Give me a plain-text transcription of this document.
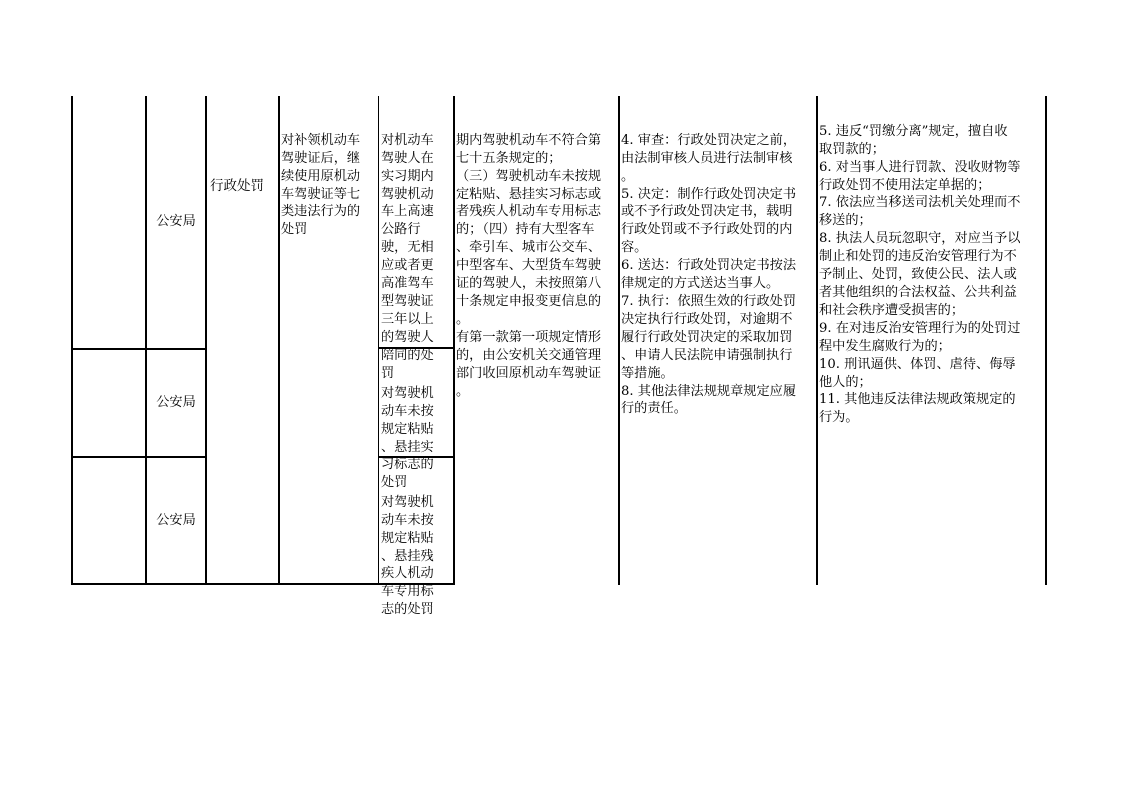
公安局
公安局
公安局

行政处罚

对补领机动车
驾驶证后，继
续使用原机动
车驾驶证等七
类违法行为的
处罚

对机动车
驾驶人在
实习期内
驾驶机动
车上高速
公路行
驶，无相
应或者更
高准驾车
型驾驶证
三年以上
的驾驶人
陪同的处
罚

对驾驶机
动车未按
规定粘贴
、悬挂实
习标志的
处罚

对驾驶机
动车未按
规定粘贴
、悬挂残
疾人机动
车专用标
志的处罚

期内驾驶机动车不符合第
七十五条规定的；
（三）驾驶机动车未按规
定粘贴、悬挂实习标志或
者残疾人机动车专用标志
的；（四）持有大型客车
、牵引车、城市公交车、
中型客车、大型货车驾驶
证的驾驶人，未按照第八
十条规定申报变更信息的
。
有第一款第一项规定情形
的，由公安机关交通管理
部门收回原机动车驾驶证
。

4. 审查：行政处罚决定之前，
由法制审核人员进行法制审核
。
5. 决定：制作行政处罚决定书
或不予行政处罚决定书，载明
行政处罚或不予行政处罚的内
容。
6. 送达：行政处罚决定书按法
律规定的方式送达当事人。
7. 执行：依照生效的行政处罚
决定执行行政处罚，对逾期不
履行行政处罚决定的采取加罚
、申请人民法院申请强制执行
等措施。
8. 其他法律法规规章规定应履
行的责任。

5. 违反“罚缴分离”规定，擅自收
取罚款的；
6. 对当事人进行罚款、没收财物等
行政处罚不使用法定单据的；
7. 依法应当移送司法机关处理而不
移送的；
8. 执法人员玩忽职守，对应当予以
制止和处罚的违反治安管理行为不
予制止、处罚，致使公民、法人或
者其他组织的合法权益、公共利益
和社会秩序遭受损害的；
9. 在对违反治安管理行为的处罚过
程中发生腐败行为的；
10. 刑讯逼供、体罚、虐待、侮辱
他人的；
11. 其他违反法律法规政策规定的
行为。
